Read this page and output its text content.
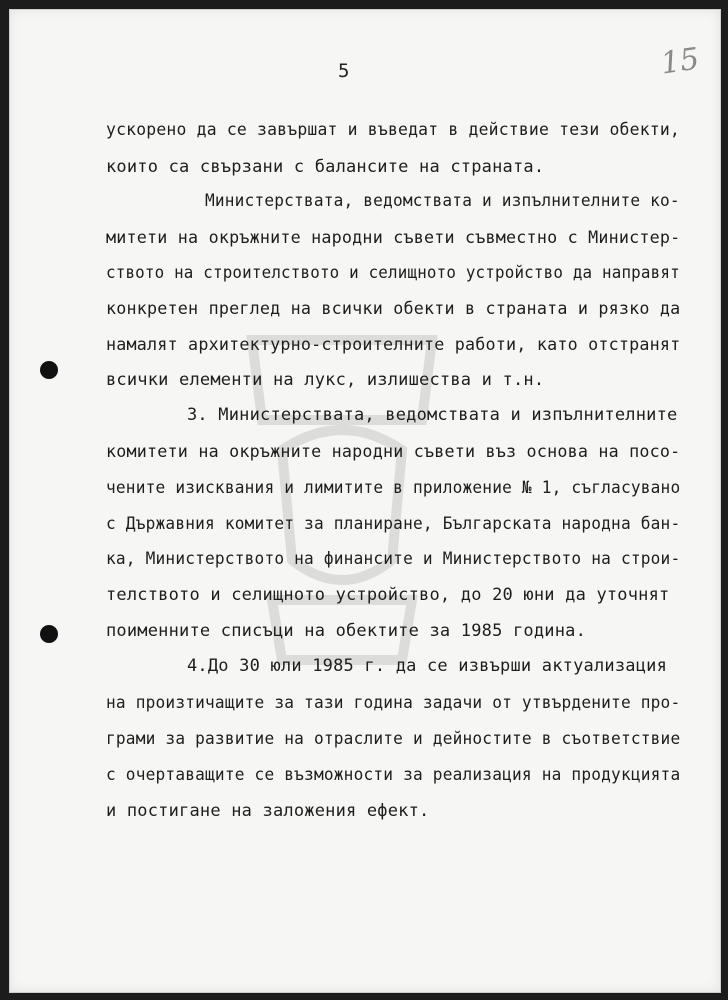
5	15
ускорено да се завършат и въведат в действие тези обекти,
които са свързани с балансите на страната.
Министерствата, ведомствата и изпълнителните ко-
митети на окръжните народни съвети съвместно с Министер-
ството на строителството и селищното устройство да направят
конкретен преглед на всички обекти в страната и рязко да
намалят архитектурно-строителните работи, като отстранят
всички елементи на лукс, излишества и т.н.
3. Министерствата, ведомствата и изпълнителните
комитети на окръжните народни съвети въз основа на посо-
чените изисквания и лимитите в приложение № 1, съгласувано
с Държавния комитет за планиране, Българската народна бан-
ка, Министерството на финансите и Министерството на строи-
телството и селищното устройство, до 20 юни да уточнят
поименните списъци на обектите за 1985 година.
4.До 30 юли 1985 г. да се извърши актуализация
на произтичащите за тази година задачи от утвърдените про-
грами за развитие на отраслите и дейностите в съответствие
с очертаващите се възможности за реализация на продукцията
и постигане на заложения ефект.
